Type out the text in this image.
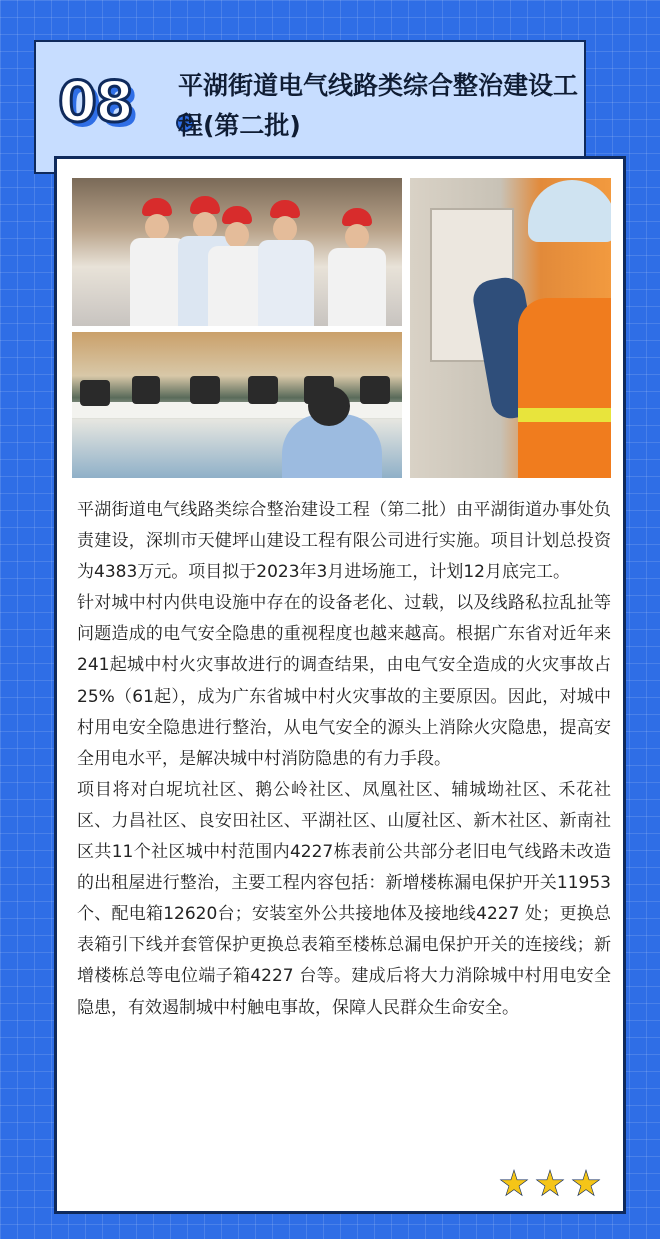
08 平湖街道电气线路类综合整治建设工程(第二批)

平湖街道电气线路类综合整治建设工程（第二批）由平湖街道办事处负责建设，深圳市天健坪山建设工程有限公司进行实施。项目计划总投资为4383万元。项目拟于2023年3月进场施工，计划12月底完工。

针对城中村内供电设施中存在的设备老化、过载，以及线路私拉乱扯等问题造成的电气安全隐患的重视程度也越来越高。根据广东省对近年来241起城中村火灾事故进行的调查结果，由电气安全造成的火灾事故占25%（61起），成为广东省城中村火灾事故的主要原因。因此，对城中村用电安全隐患进行整治，从电气安全的源头上消除火灾隐患，提高安全用电水平，是解决城中村消防隐患的有力手段。

项目将对白坭坑社区、鹅公岭社区、凤凰社区、辅城坳社区、禾花社区、力昌社区、良安田社区、平湖社区、山厦社区、新木社区、新南社区共11个社区城中村范围内4227栋表前公共部分老旧电气线路未改造的出租屋进行整治，主要工程内容包括：新增楼栋漏电保护开关11953 个、配电箱12620台；安装室外公共接地体及接地线4227 处；更换总表箱引下线并套管保护更换总表箱至楼栋总漏电保护开关的连接线；新增楼栋总等电位端子箱4227 台等。建成后将大力消除城中村用电安全隐患，有效遏制城中村触电事故，保障人民群众生命安全。
